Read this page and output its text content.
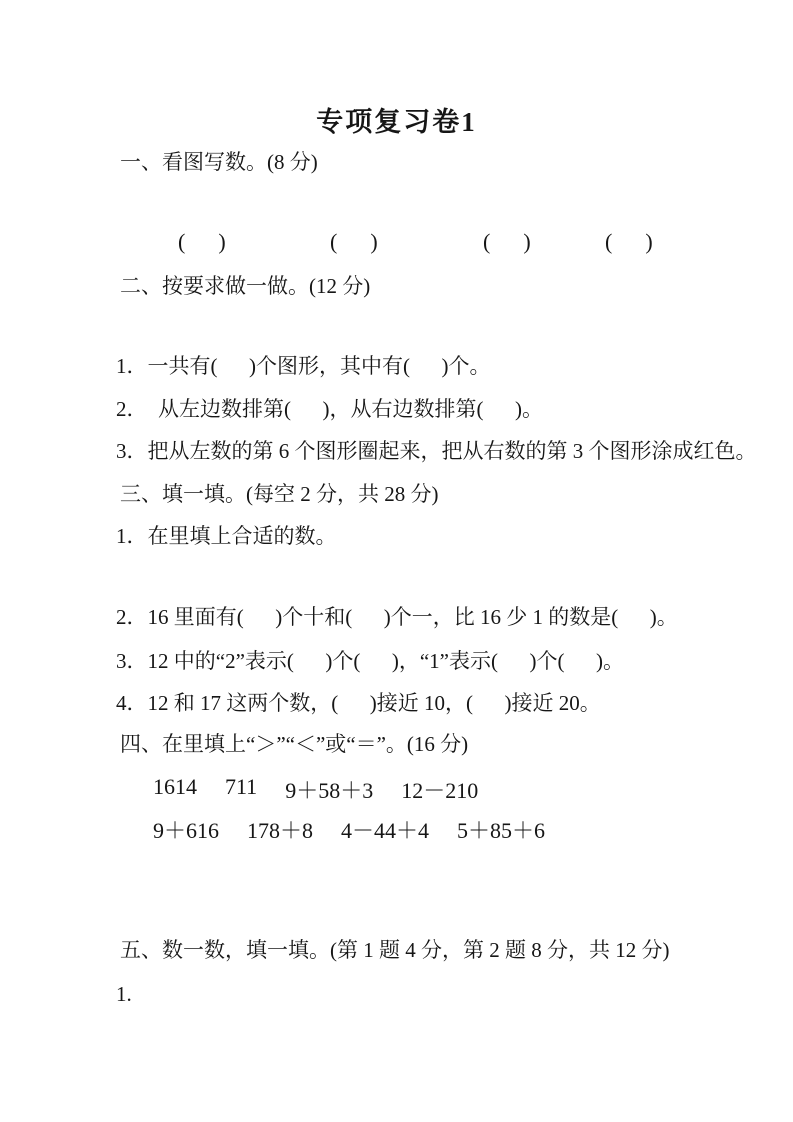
专项复习卷1
一、看图写数。(8 分)
(      )	(      )	(      )	(      )
二、按要求做一做。(12 分)
1．一共有(      )个图形，其中有(      )个。
2．  从左边数排第(      )，从右边数排第(      )。
3．把从左数的第 6 个图形圈起来，把从右数的第 3 个图形涂成红色。
三、填一填。(每空 2 分，共 28 分)
1．在里填上合适的数。
2．16 里面有(      )个十和(      )个一，比 16 少 1 的数是(      )。
3．12 中的“2”表示(      )个(      )，“1”表示(      )个(      )。
4．12 和 17 这两个数，(      )接近 10，(      )接近 20。
四、在里填上“＞”“＜”或“＝”。(16 分)
1614 711 9＋58＋3 12－210
9＋616 178＋8 4－44＋4 5＋85＋6
五、数一数，填一填。(第 1 题 4 分，第 2 题 8 分，共 12 分)
1.
